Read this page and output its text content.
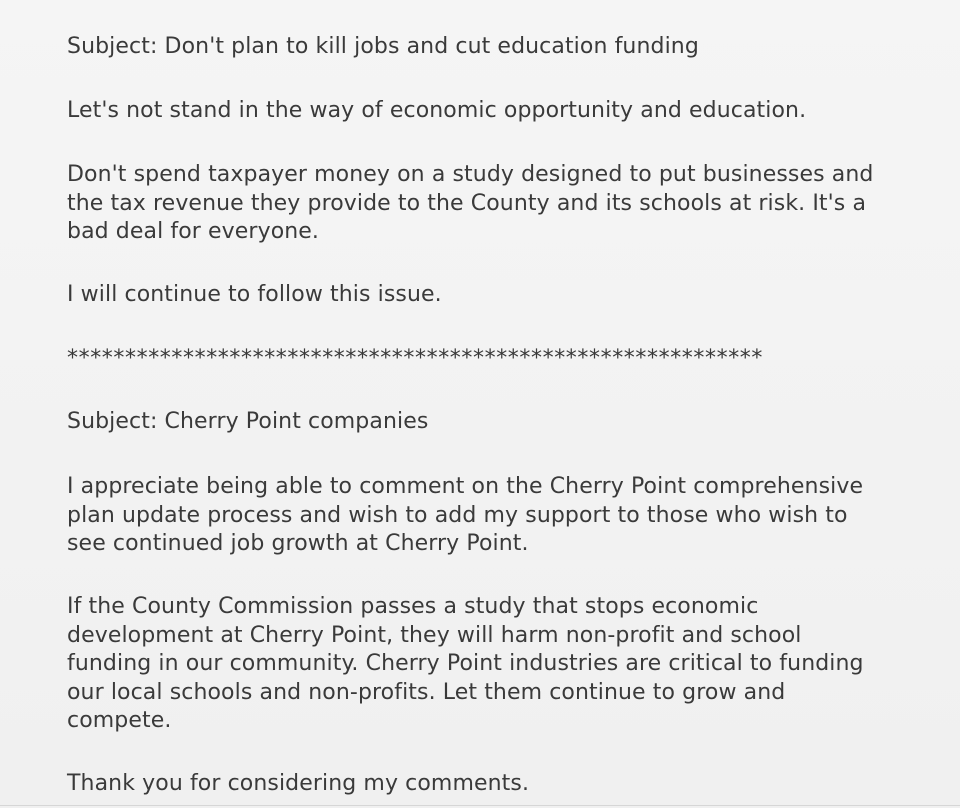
Subject: Don't plan to kill jobs and cut education funding

Let's not stand in the way of economic opportunity and education.

Don't spend taxpayer money on a study designed to put businesses and

the tax revenue they provide to the County and its schools at risk. It's a

bad deal for everyone.

I will continue to follow this issue.

************************************************************

Subject: Cherry Point companies

I appreciate being able to comment on the Cherry Point comprehensive

plan update process and wish to add my support to those who wish to

see continued job growth at Cherry Point.

If the County Commission passes a study that stops economic

development at Cherry Point, they will harm non-profit and school

funding in our community. Cherry Point industries are critical to funding

our local schools and non-profits. Let them continue to grow and

compete.

Thank you for considering my comments.
